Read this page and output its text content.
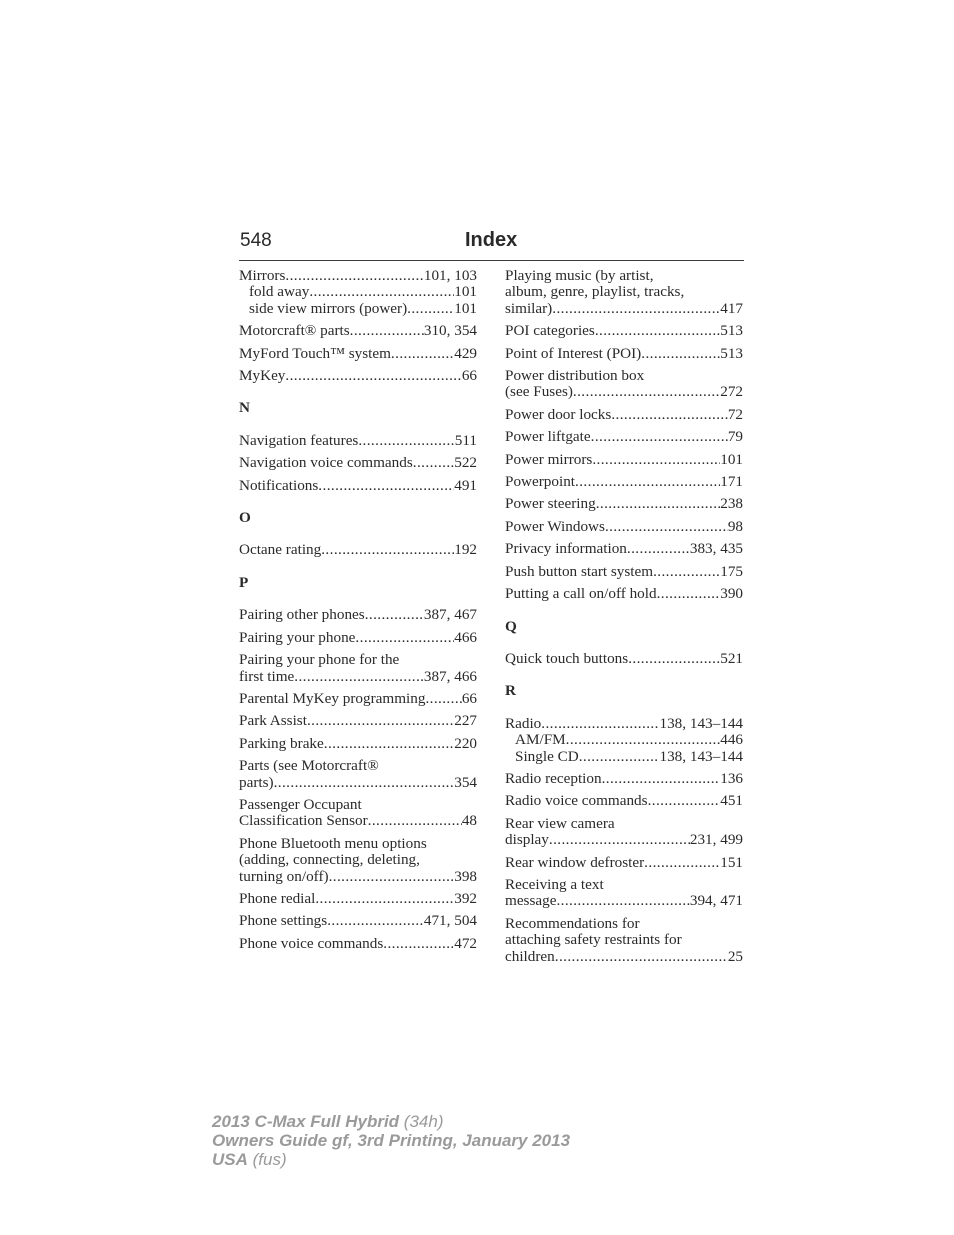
548	Index
Mirrors .....	101, 103
fold away .....	101
side view mirrors (power) .....	101
Motorcraft® parts .....	310, 354
MyFord Touch™ system .....	429
MyKey .....	66
N
Navigation features .....	511
Navigation voice commands .....	522
Notifications .....	491
O
Octane rating .....	192
P
Pairing other phones .....	387, 467
Pairing your phone .....	466
Pairing your phone for the
first time .....	387, 466
Parental MyKey programming ..... 66
Park Assist .....	227
Parking brake .....	220
Parts (see Motorcraft®
parts) .....	354
Passenger Occupant
Classification Sensor .....	48
Phone Bluetooth menu options
(adding, connecting, deleting,
turning on/off) .....	398
Phone redial .....	392
Phone settings .....	471, 504
Phone voice commands .....	472
Playing music (by artist,
album, genre, playlist, tracks,
similar) .....	417
POI categories .....	513
Point of Interest (POI) .....	513
Power distribution box
(see Fuses) .....	272
Power door locks .....	72
Power liftgate .....	79
Power mirrors .....	101
Powerpoint .....	171
Power steering .....	238
Power Windows .....	98
Privacy information .....	383, 435
Push button start system .....	175
Putting a call on/off hold .....	390
Q
Quick touch buttons .....	521
R
Radio .....	138, 143–144
AM/FM .....	446
Single CD .....	138, 143–144
Radio reception .....	136
Radio voice commands .....	451
Rear view camera
display .....	231, 499
Rear window defroster .....	151
Receiving a text
message .....	394, 471
Recommendations for
attaching safety restraints for
children .....	25
2013 C-Max Full Hybrid (34h)
Owners Guide gf, 3rd Printing, January 2013
USA (fus)
